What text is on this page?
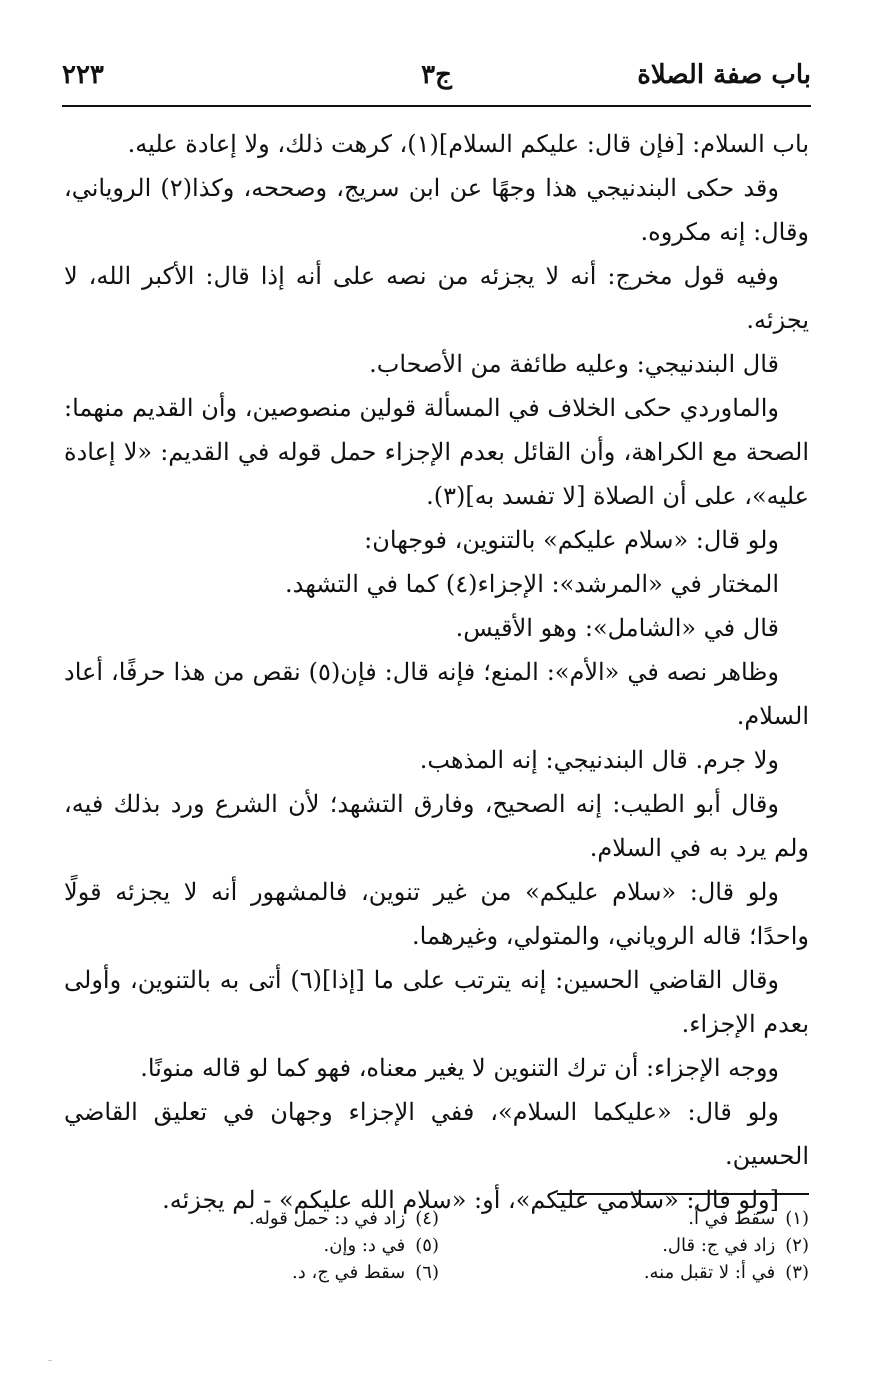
باب صفة الصلاة
ج٣
٢٢٣

باب السلام: [فإن قال: عليكم السلام](١)، كرهت ذلك، ولا إعادة عليه.

وقد حكى البندنيجي هذا وجهًا عن ابن سريج، وصححه، وكذا(٢) الروياني، وقال: إنه مكروه.

وفيه قول مخرج: أنه لا يجزئه من نصه على أنه إذا قال: الأكبر الله، لا يجزئه.

قال البندنيجي: وعليه طائفة من الأصحاب.

والماوردي حكى الخلاف في المسألة قولين منصوصين، وأن القديم منهما: الصحة مع الكراهة، وأن القائل بعدم الإجزاء حمل قوله في القديم: «لا إعادة عليه»، على أن الصلاة [لا تفسد به](٣).

ولو قال: «سلام عليكم» بالتنوين، فوجهان:

المختار في «المرشد»: الإجزاء(٤) كما في التشهد.

قال في «الشامل»: وهو الأقيس.

وظاهر نصه في «الأم»: المنع؛ فإنه قال: فإن(٥) نقص من هذا حرفًا، أعاد السلام.

ولا جرم. قال البندنيجي: إنه المذهب.

وقال أبو الطيب: إنه الصحيح، وفارق التشهد؛ لأن الشرع ورد بذلك فيه، ولم يرد به في السلام.

ولو قال: «سلام عليكم» من غير تنوين، فالمشهور أنه لا يجزئه قولًا واحدًا؛ قاله الروياني، والمتولي، وغيرهما.

وقال القاضي الحسين: إنه يترتب على ما [إذا](٦) أتى به بالتنوين، وأولى بعدم الإجزاء.

ووجه الإجزاء: أن ترك التنوين لا يغير معناه، فهو كما لو قاله منونًا.

ولو قال: «عليكما السلام»، ففي الإجزاء وجهان في تعليق القاضي الحسين.

[ولو قال: «سلامي عليكم»، أو: «سلام الله عليكم» - لم يجزئه.

(١)سقط في أ.
(٢)زاد في ج: قال.
(٣)في أ: لا تقبل منه.
(٤)زاد في د: حمل قوله.
(٥)في د: وإن.
(٦)سقط في ج، د.
